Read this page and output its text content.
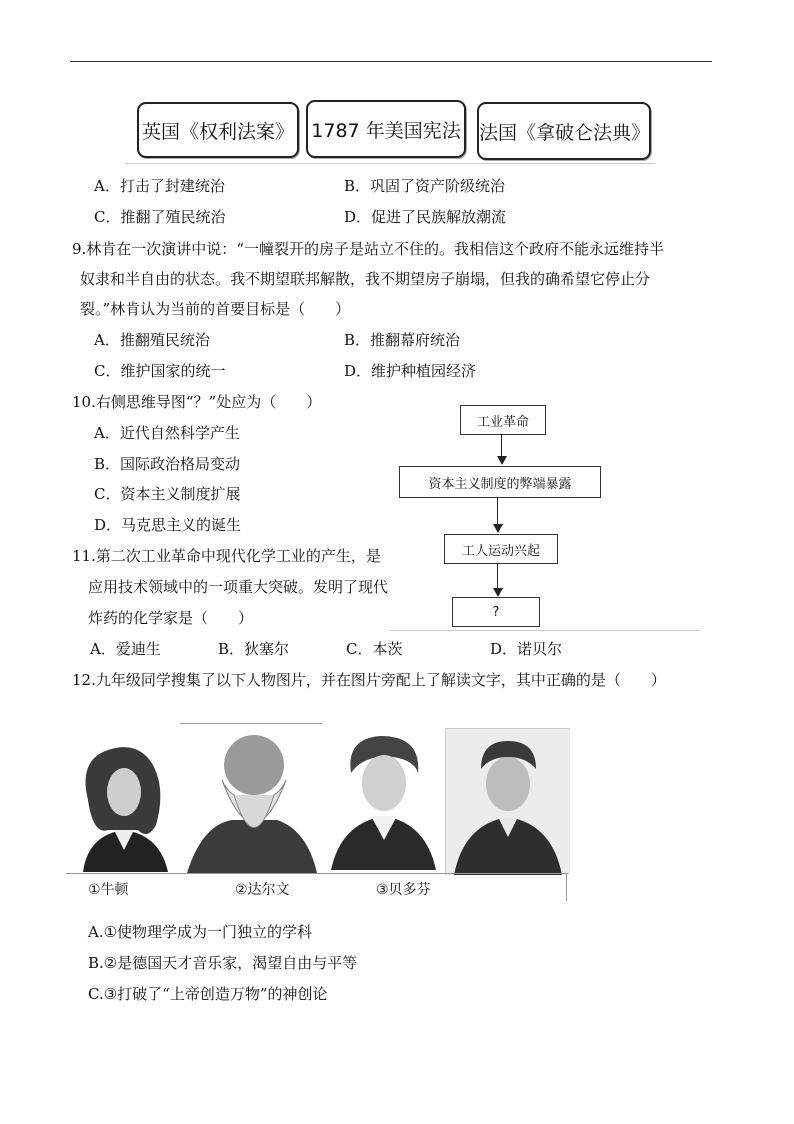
英国《权利法案》 1787 年美国宪法 法国《拿破仑法典》
A．打击了封建统治	B．巩固了资产阶级统治
C．推翻了殖民统治	D．促进了民族解放潮流
9.林肯在一次演讲中说：“一幢裂开的房子是站立不住的。我相信这个政府不能永远维持半
奴隶和半自由的状态。我不期望联邦解散，我不期望房子崩塌，但我的确希望它停止分
裂。”林肯认为当前的首要目标是（　　）
A．推翻殖民统治	B．推翻幕府统治
C．维护国家的统一	D．维护种植园经济
10.右侧思维导图“？”处应为（　　）
A．近代自然科学产生
B．国际政治格局变动
C．资本主义制度扩展
D．马克思主义的诞生
工业革命
资本主义制度的弊端暴露
工人运动兴起
?
11.第二次工业革命中现代化学工业的产生，是
应用技术领域中的一项重大突破。发明了现代
炸药的化学家是（　　）
A．爱迪生	B．狄塞尔	C．本茨	D．诺贝尔
12.九年级同学搜集了以下人物图片，并在图片旁配上了解读文字，其中正确的是（　　）
①牛顿	②达尔文	③贝多芬
A.①使物理学成为一门独立的学科
B.②是德国天才音乐家，渴望自由与平等
C.③打破了“上帝创造万物”的神创论
